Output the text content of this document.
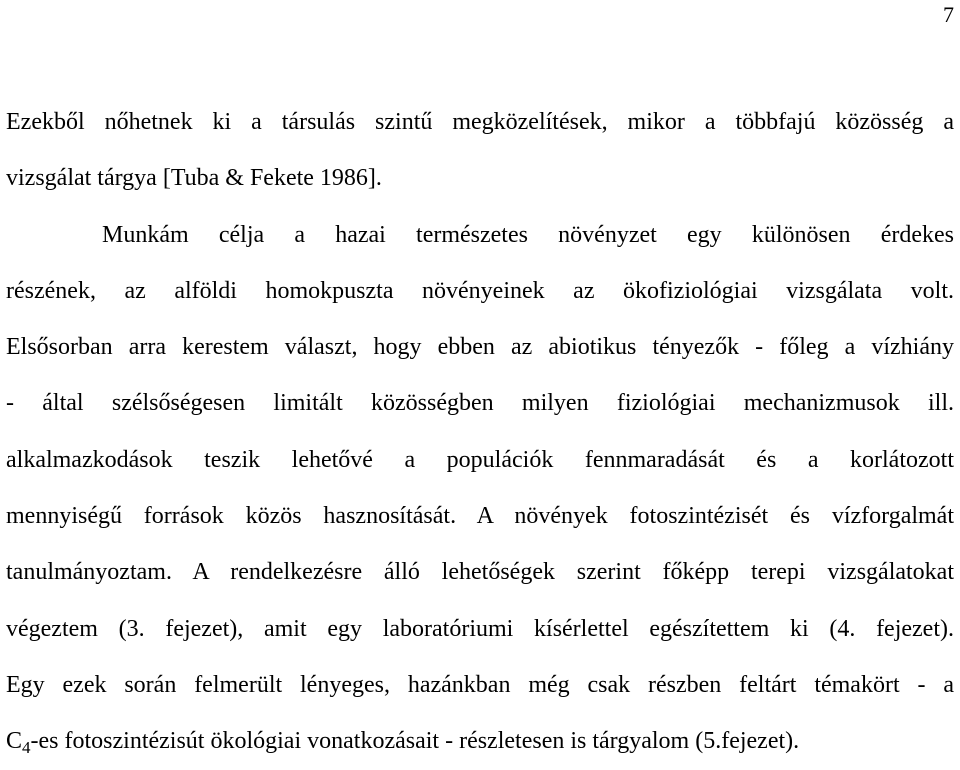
7
Ezekből nőhetnek ki a társulás szintű megközelítések, mikor a többfajú közösség a
vizsgálat tárgya [Tuba & Fekete 1986].
Munkám célja a hazai természetes növényzet egy különösen érdekes
részének, az alföldi homokpuszta növényeinek az ökofiziológiai vizsgálata volt.
Elsősorban arra kerestem választ, hogy ebben az abiotikus tényezők - főleg a vízhiány
- által szélsőségesen limitált közösségben milyen fiziológiai mechanizmusok ill.
alkalmazkodások teszik lehetővé a populációk fennmaradását és a korlátozott
mennyiségű források közös hasznosítását. A növények fotoszintézisét és vízforgalmát
tanulmányoztam. A rendelkezésre álló lehetőségek szerint főképp terepi vizsgálatokat
végeztem (3. fejezet), amit egy laboratóriumi kísérlettel egészítettem ki (4. fejezet).
Egy ezek során felmerült lényeges, hazánkban még csak részben feltárt témakört - a
$C_4-es$ fotoszintézisút ökológiai vonatkozásait - részletesen is tárgyalom (5.fejezet).
